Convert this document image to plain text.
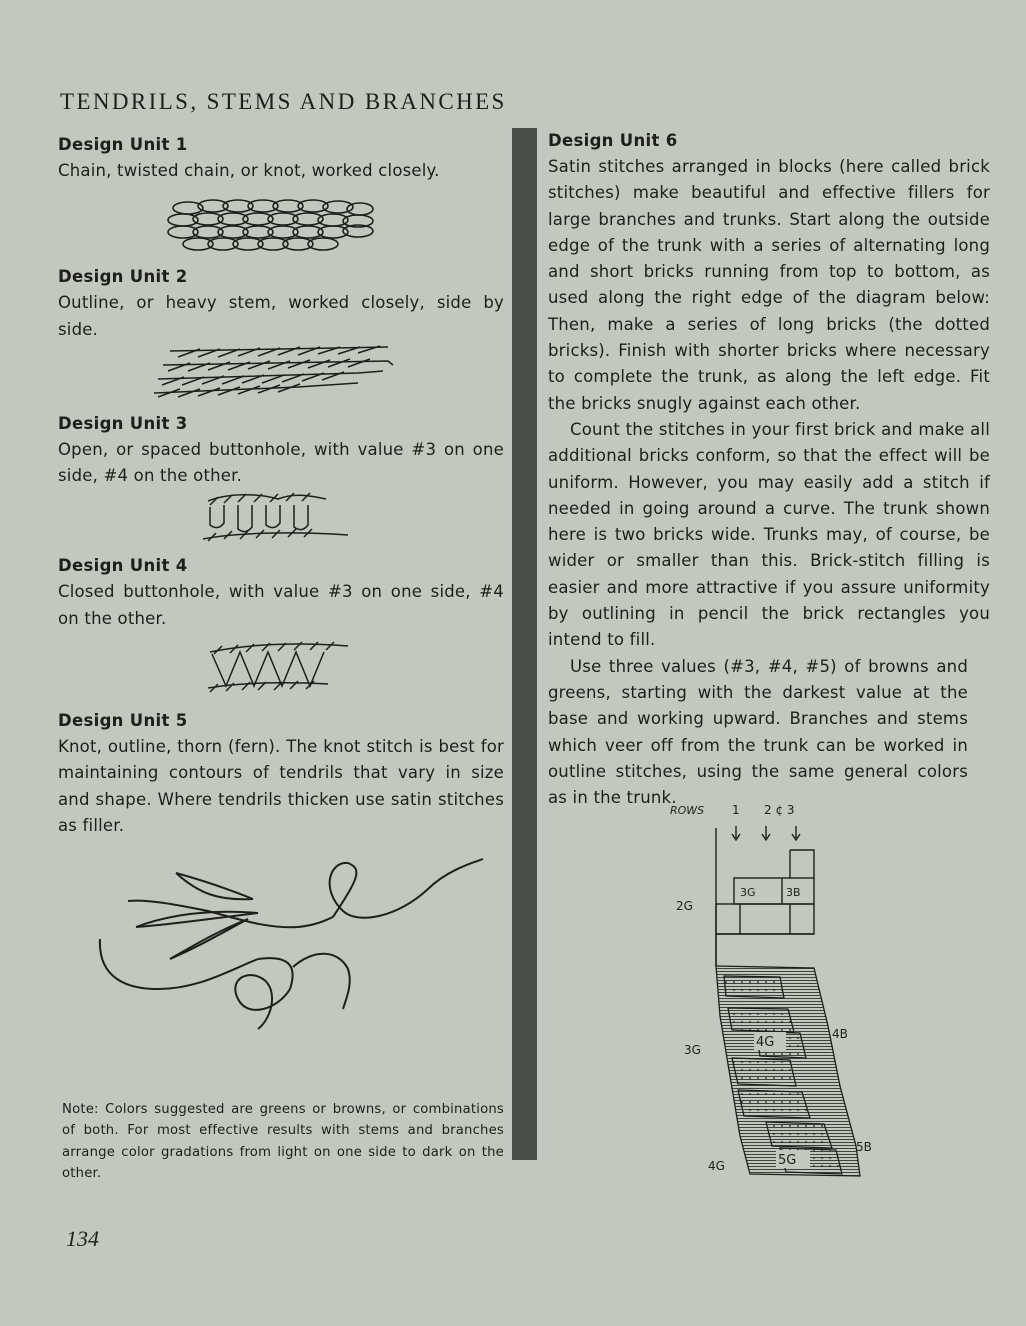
TENDRILS, STEMS AND BRANCHES

Design Unit 1

Chain, twisted chain, or knot, worked closely.

Design Unit 2

Outline, or heavy stem, worked closely, side by side.

Design Unit 3

Open, or spaced buttonhole, with value #3 on one side, #4 on the other.

Design Unit 4

Closed buttonhole, with value #3 on one side, #4 on the other.

Design Unit 5

Knot, outline, thorn (fern). The knot stitch is best for maintaining contours of tendrils that vary in size and shape. Where tendrils thicken use satin stitches as filler.

Design Unit 6

Satin stitches arranged in blocks (here called brick stitches) make beautiful and effective fillers for large branches and trunks. Start along the outside edge of the trunk with a series of alternating long and short bricks running from top to bottom, as used along the right edge of the diagram below: Then, make a series of long bricks (the dotted bricks). Finish with shorter bricks where necessary to complete the trunk, as along the left edge. Fit the bricks snugly against each other.

Count the stitches in your first brick and make all additional bricks conform, so that the effect will be uniform. However, you may easily add a stitch if needed in going around a curve. The trunk shown here is two bricks wide. Trunks may, of course, be wider or smaller than this. Brick-stitch filling is easier and more attractive if you assure uniformity by outlining in pencil the brick rectangles you intend to fill.

Use three values (#3, #4, #5) of browns and greens, starting with the darkest value at the base and working upward. Branches and stems which veer off from the trunk can be worked in outline stitches, using the same general colors as in the trunk.

ROWS 1 2 ¢ 3
2G
3G	3B
3G	4G
4B
4G	5G
5B

Note: Colors suggested are greens or browns, or combinations of both. For most effective results with stems and branches arrange color gradations from light on one side to dark on the other.

134
